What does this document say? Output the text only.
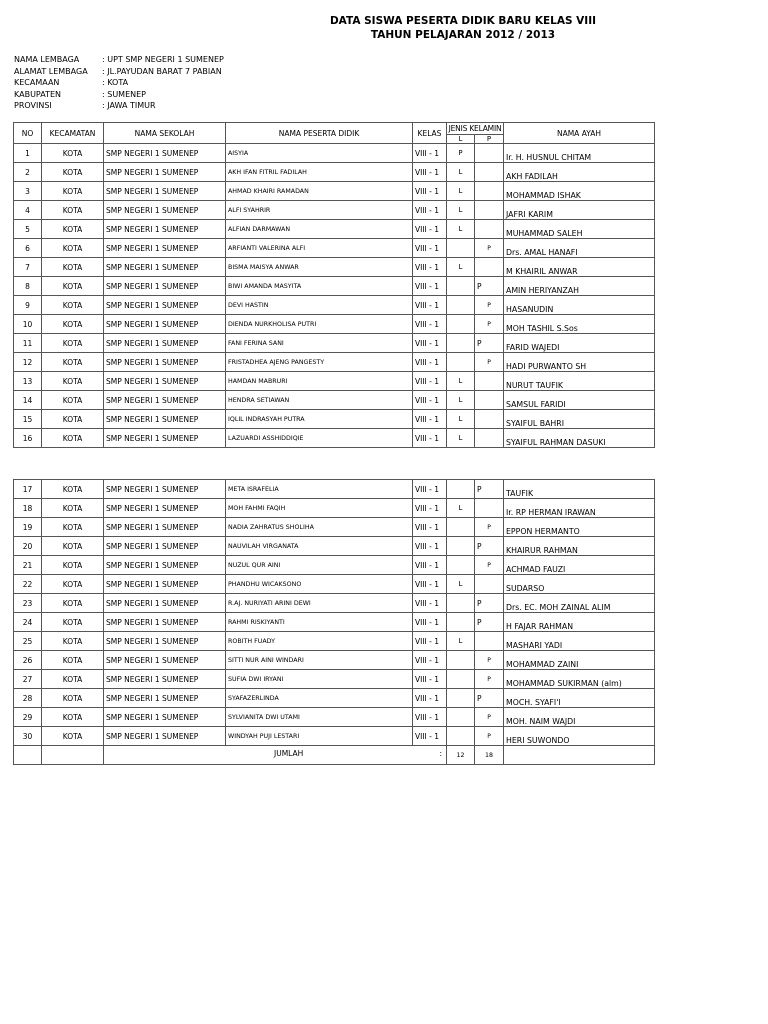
DATA SISWA PESERTA DIDIK BARU KELAS VIII
TAHUN PELAJARAN 2012 / 2013
NAMA LEMBAGA	: UPT SMP NEGERI 1 SUMENEP
ALAMAT LEMBAGA	: JL.PAYUDAN BARAT 7 PABIAN
KECAMAAN	: KOTA
KABUPATEN	: SUMENEP
PROVINSI	: JAWA TIMUR
NO	KECAMATAN	NAMA SEKOLAH	NAMA PESERTA DIDIK	KELAS	JENIS KELAMIN		NAMA AYAH
					L	P	
1	KOTA	SMP NEGERI 1 SUMENEP	AISYIA	VIII - 1	P		Ir. H. HUSNUL CHITAM
2	KOTA	SMP NEGERI 1 SUMENEP	AKH IFAN FITRIL FADILAH	VIII - 1	L		AKH FADILAH
3	KOTA	SMP NEGERI 1 SUMENEP	AHMAD KHAIRI RAMADAN	VIII - 1	L		MOHAMMAD ISHAK
4	KOTA	SMP NEGERI 1 SUMENEP	ALFI SYAHRIR	VIII - 1	L		JAFRI KARIM
5	KOTA	SMP NEGERI 1 SUMENEP	ALFIAN DARMAWAN	VIII - 1	L		MUHAMMAD SALEH
6	KOTA	SMP NEGERI 1 SUMENEP	ARFIANTI VALERINA ALFI	VIII - 1		P	Drs. AMAL HANAFI
7	KOTA	SMP NEGERI 1 SUMENEP	BISMA MAISYA ANWAR	VIII - 1	L		M KHAIRIL ANWAR
8	KOTA	SMP NEGERI 1 SUMENEP	BIWI AMANDA MASYITA	VIII - 1		P	AMIN HERIYANZAH
9	KOTA	SMP NEGERI 1 SUMENEP	DEVI HASTIN	VIII - 1		P	HASANUDIN
10	KOTA	SMP NEGERI 1 SUMENEP	DIENDA NURKHOLISA PUTRI	VIII - 1		P	MOH TASHIL S.Sos
11	KOTA	SMP NEGERI 1 SUMENEP	FANI FERINA SANI	VIII - 1		P	FARID WAJEDI
12	KOTA	SMP NEGERI 1 SUMENEP	FRISTADHEA AJENG PANGESTY	VIII - 1		P	HADI PURWANTO SH
13	KOTA	SMP NEGERI 1 SUMENEP	HAMDAN MABRURI	VIII - 1	L		NURUT TAUFIK
14	KOTA	SMP NEGERI 1 SUMENEP	HENDRA SETIAWAN	VIII - 1	L		SAMSUL FARIDI
15	KOTA	SMP NEGERI 1 SUMENEP	IQLIL INDRASYAH PUTRA	VIII - 1	L		SYAIFUL BAHRI
16	KOTA	SMP NEGERI 1 SUMENEP	LAZUARDI ASSHIDDIQIE	VIII - 1	L		SYAIFUL RAHMAN DASUKI
17	KOTA	SMP NEGERI 1 SUMENEP	META ISRAFELIA	VIII - 1		P	TAUFIK
18	KOTA	SMP NEGERI 1 SUMENEP	MOH FAHMI FAQIH	VIII - 1	L		Ir. RP HERMAN IRAWAN
19	KOTA	SMP NEGERI 1 SUMENEP	NADIA ZAHRATUS SHOLIHA	VIII - 1		P	EPPON HERMANTO
20	KOTA	SMP NEGERI 1 SUMENEP	NAUVILAH VIRGANATA	VIII - 1		P	KHAIRUR RAHMAN
21	KOTA	SMP NEGERI 1 SUMENEP	NUZUL QUR AINI	VIII - 1		P	ACHMAD FAUZI
22	KOTA	SMP NEGERI 1 SUMENEP	PHANDHU WICAKSONO	VIII - 1	L		SUDARSO
23	KOTA	SMP NEGERI 1 SUMENEP	R.AJ. NURIYATI ARINI DEWI	VIII - 1		P	Drs. EC. MOH ZAINAL ALIM
24	KOTA	SMP NEGERI 1 SUMENEP	RAHMI RISKIYANTI	VIII - 1		P	H FAJAR RAHMAN
25	KOTA	SMP NEGERI 1 SUMENEP	ROBITH FUADY	VIII - 1	L		MASHARI YADI
26	KOTA	SMP NEGERI 1 SUMENEP	SITTI NUR AINI WINDARI	VIII - 1		P	MOHAMMAD ZAINI
27	KOTA	SMP NEGERI 1 SUMENEP	SUFIA DWI IRYANI	VIII - 1		P	MOHAMMAD SUKIRMAN (alm)
28	KOTA	SMP NEGERI 1 SUMENEP	SYAFAZERLINDA	VIII - 1		P	MOCH. SYAFI'I
29	KOTA	SMP NEGERI 1 SUMENEP	SYLVIANITA DWI UTAMI	VIII - 1		P	MOH. NAIM WAJDI
30	KOTA	SMP NEGERI 1 SUMENEP	WINDYAH PUJI LESTARI	VIII - 1		P	HERI SUWONDO

		JUMLAH :			12	18	
